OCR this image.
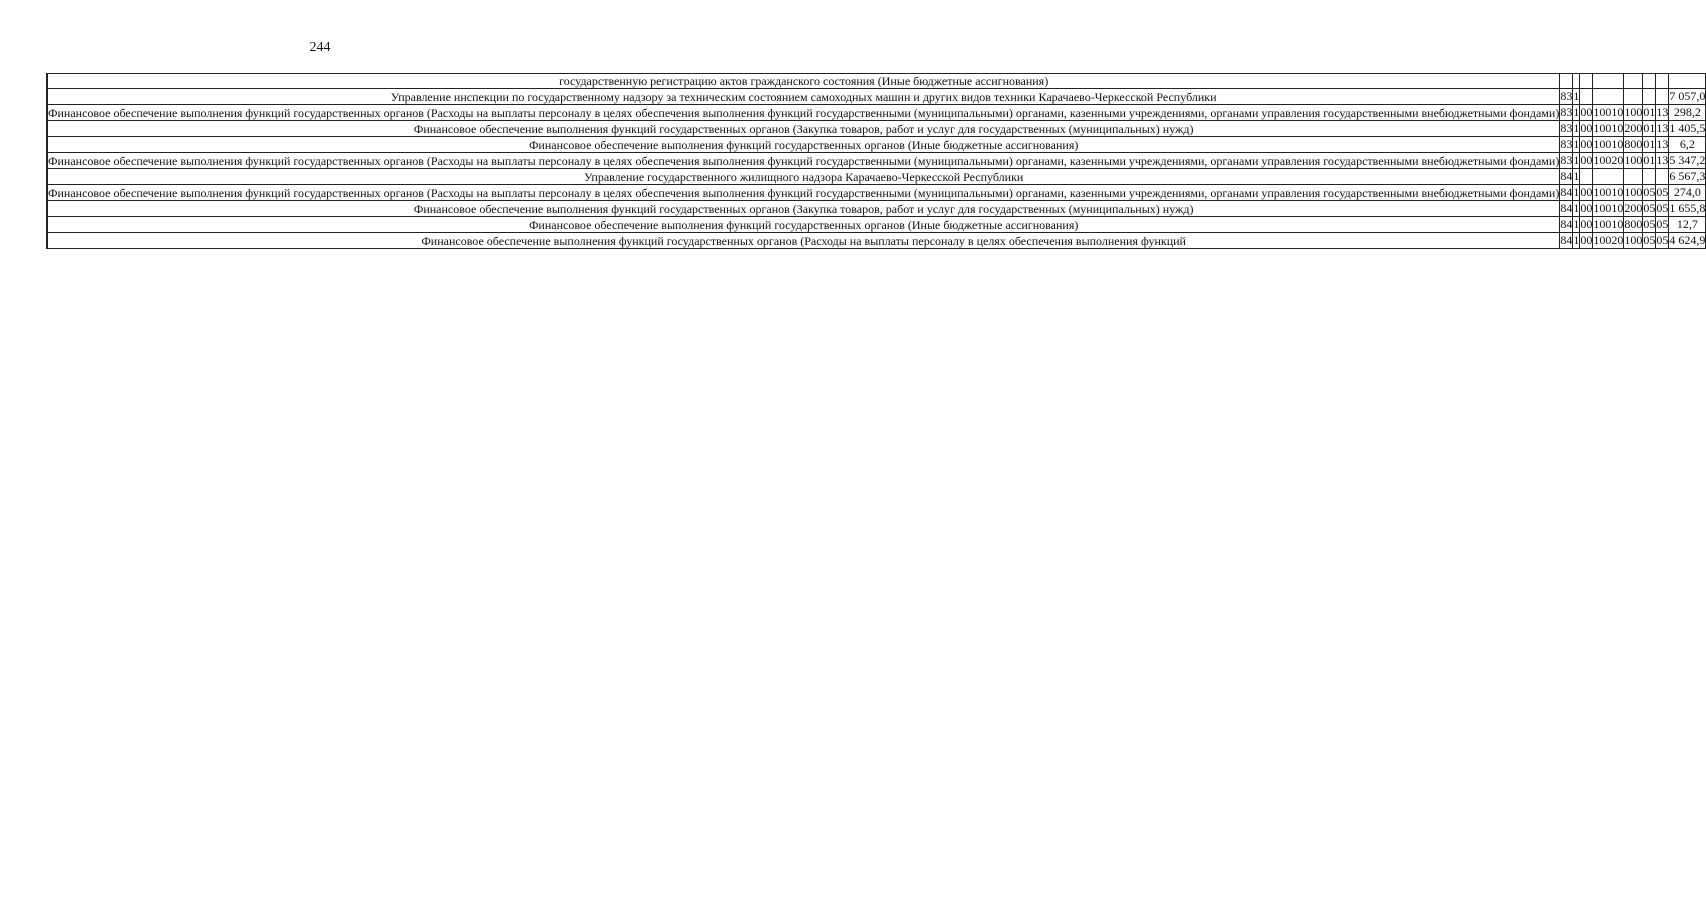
244
	государственную регистрацию актов гражданского состояния (Иные бюджетные ассигнования)								
	Управление инспекции по государственному надзору за техническим состоянием самоходных машин и других видов техники Карачаево-Черкесской Республики	83	1						7 057,0
	Финансовое обеспечение выполнения функций государственных органов (Расходы на выплаты персоналу в целях обеспечения выполнения функций государственными (муниципальными) органами, казенными учреждениями, органами управления государственными внебюджетными фондами)	83	1	00	10010	100	01	13	298,2
	Финансовое обеспечение выполнения функций государственных органов (Закупка товаров, работ и услуг для государственных (муниципальных) нужд)	83	1	00	10010	200	01	13	1 405,5
	Финансовое обеспечение выполнения функций государственных органов (Иные бюджетные ассигнования)	83	1	00	10010	800	01	13	6,2
	Финансовое обеспечение выполнения функций государственных органов (Расходы на выплаты персоналу в целях обеспечения выполнения функций государственными (муниципальными) органами, казенными учреждениями, органами управления государственными внебюджетными фондами)	83	1	00	10020	100	01	13	5 347,2
	Управление государственного жилищного надзора Карачаево-Черкесской Республики	84	1						6 567,3
	Финансовое обеспечение выполнения функций государственных органов (Расходы на выплаты персоналу в целях обеспечения выполнения функций государственными (муниципальными) органами, казенными учреждениями, органами управления государственными внебюджетными фондами)	84	1	00	10010	100	05	05	274,0
	Финансовое обеспечение выполнения функций государственных органов (Закупка товаров, работ и услуг для государственных (муниципальных) нужд)	84	1	00	10010	200	05	05	1 655,8
	Финансовое обеспечение выполнения функций государственных органов (Иные бюджетные ассигнования)	84	1	00	10010	800	05	05	12,7
	Финансовое обеспечение выполнения функций государственных органов (Расходы на выплаты персоналу в целях обеспечения выполнения функций	84	1	00	10020	100	05	05	4 624,9
